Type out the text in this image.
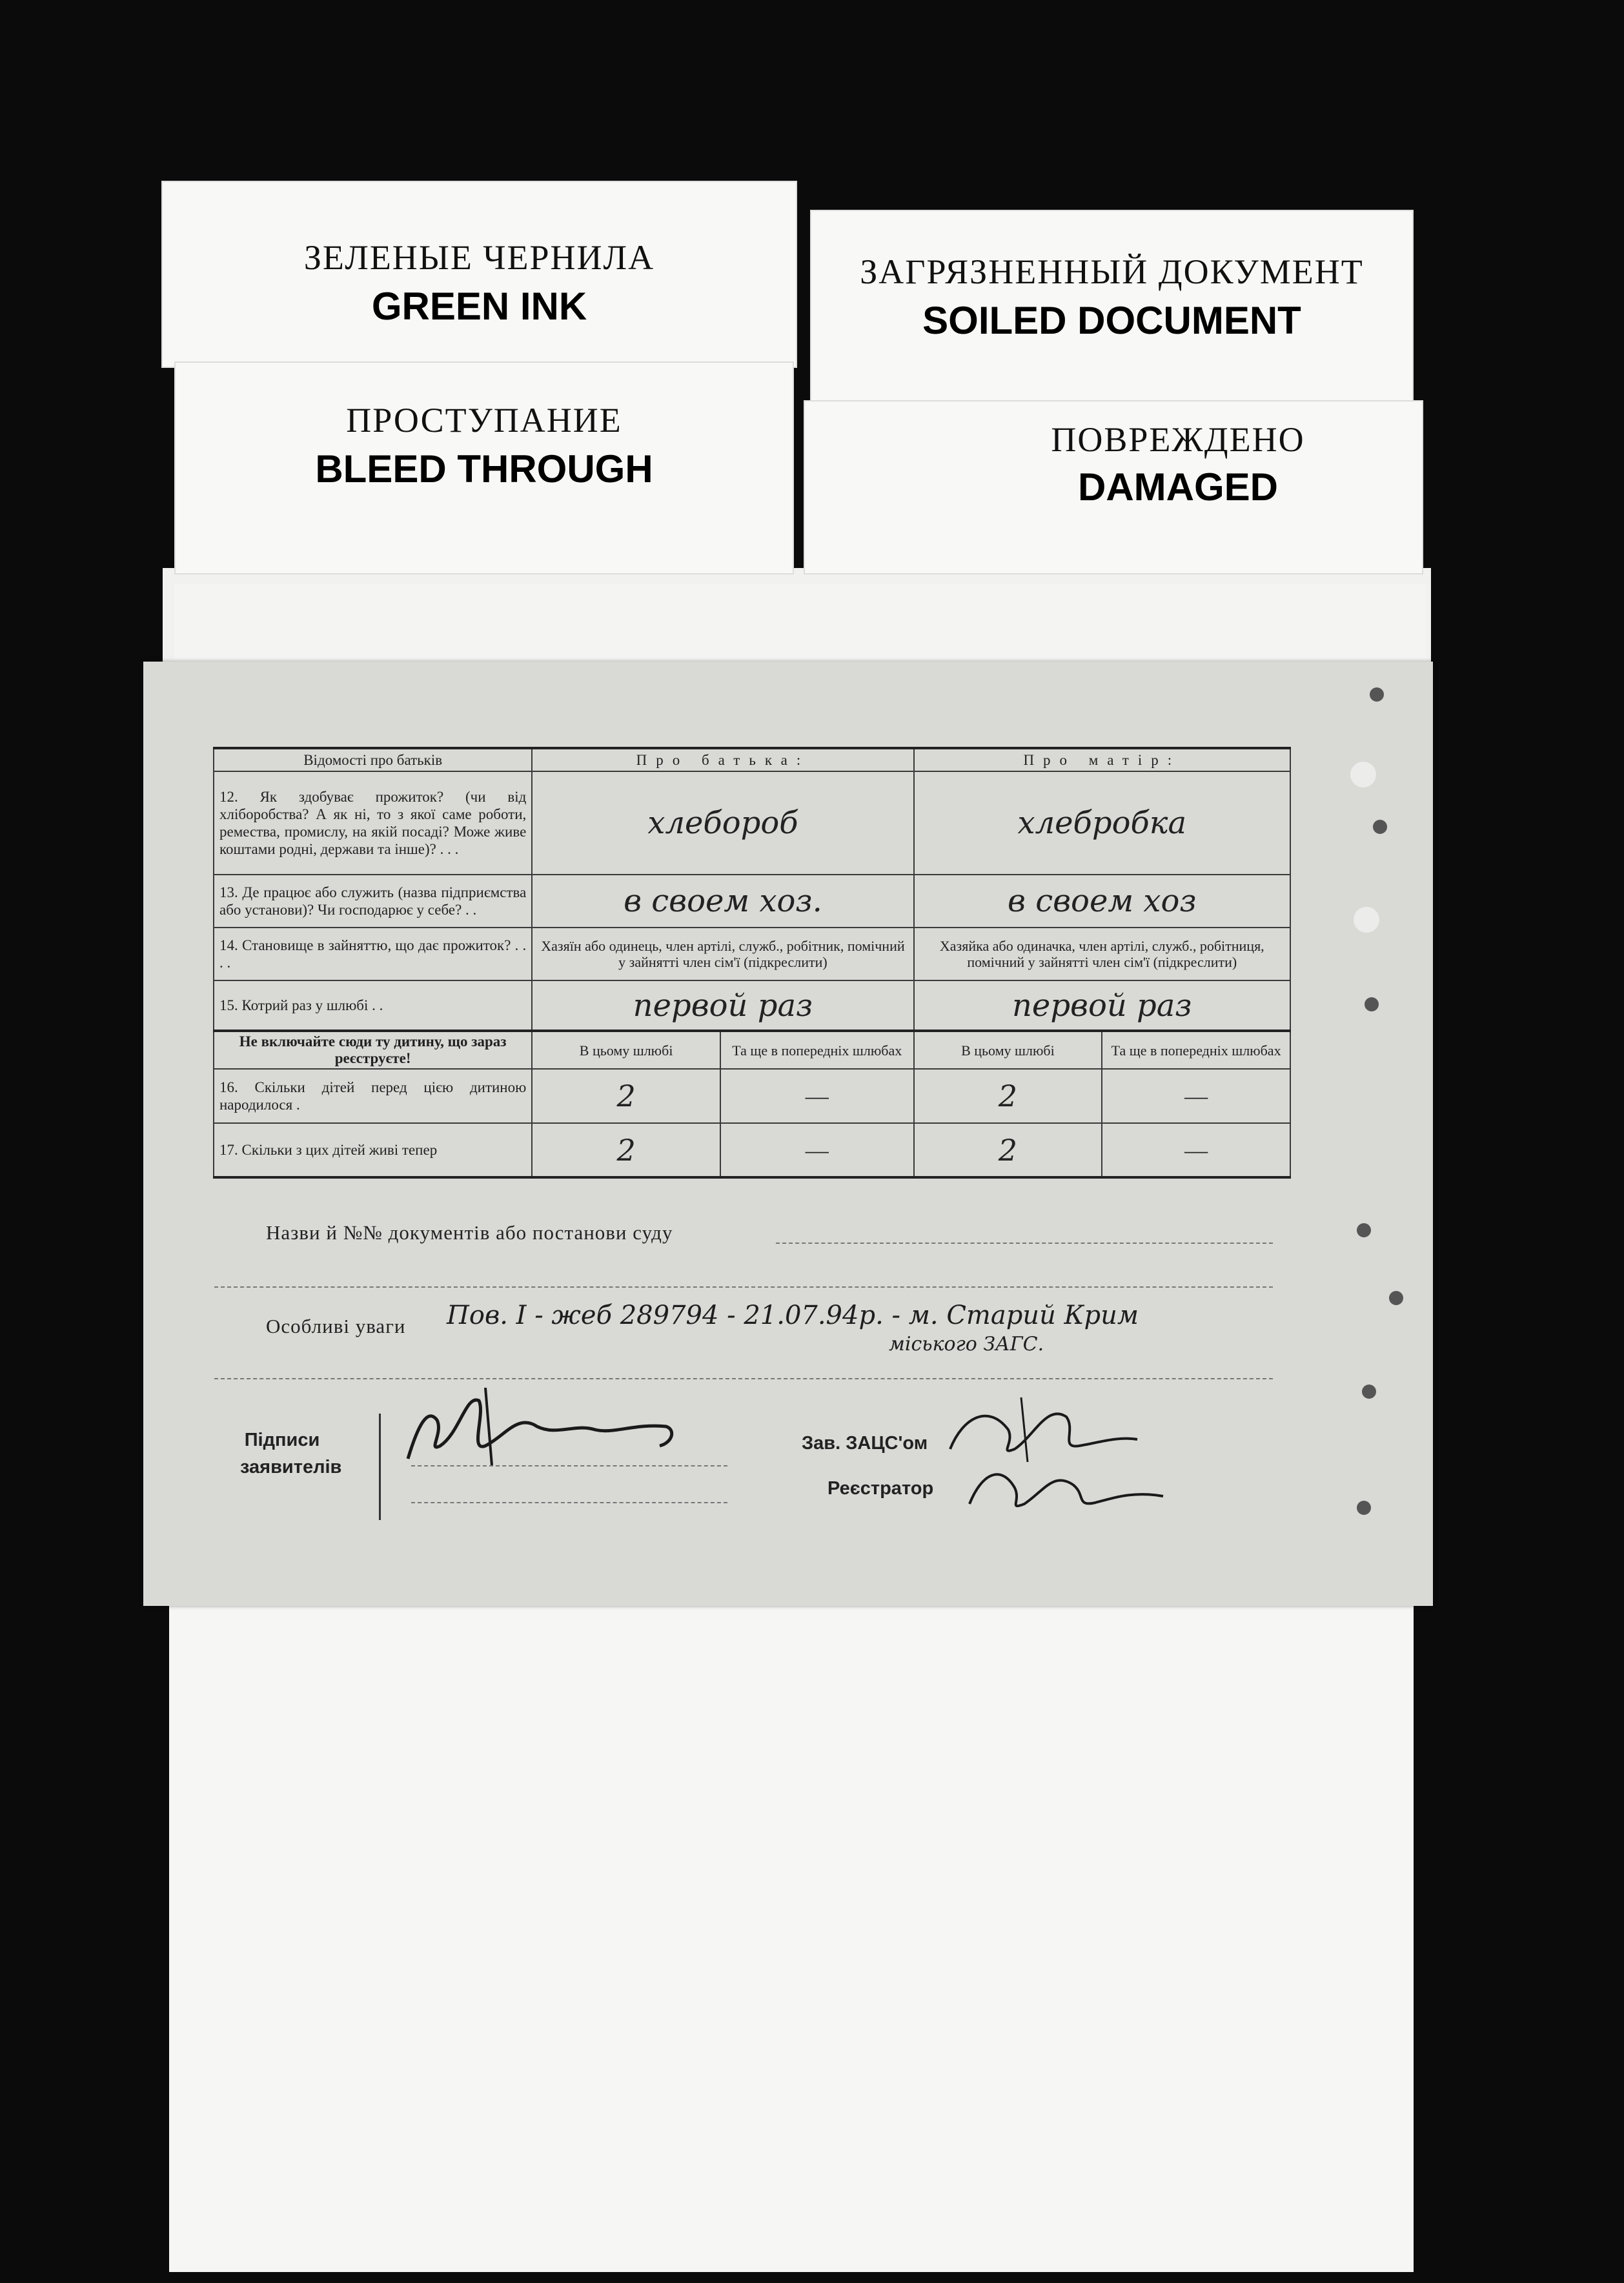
ЗЕЛЕНЫЕ ЧЕРНИЛА
GREEN INK
ЗАГРЯЗНЕННЫЙ ДОКУМЕНТ
SOILED DOCUMENT
ПРОСТУПАНИЕ
BLEED THROUGH
ПОВРЕЖДЕНО
DAMAGED
Відомості про батьків	Про батька:		Про матір:	
12. Як здобуває прожиток? (чи від хліборобства? А як ні, то з якої саме роботи, ремества, промислу, на якій посаді? Може живе коштами родні, держави та інше)? . . .	хлебороб		хлебробка	
13. Де працює або служить (назва підприємства або установи)? Чи господарює у себе? . .	в своем хоз.		в своем хоз	
14. Становище в зайняттю, що дає прожиток? . . . .	Хазяїн або одинець, член артілі, служб., робітник, помічний у зайнятті член сім'ї (підкреслити)		Хазяйка або одиначка, член артілі, служб., робітниця, помічний у зайнятті член сім'ї (підкреслити)	
15. Котрий раз у шлюбі . .	первой раз		первой раз	
Не включайте сюди ту дитину, що зараз реєструєте!	В цьому шлюбі	Та ще в попередніх шлюбах	В цьому шлюбі	Та ще в попередніх шлюбах
16. Скільки дітей перед цією дитиною народилося .	2	—	2	—
17. Скільки з цих дітей живі тепер	2	—	2	—
Назви й №№ документів або постанови суду
Особливі уваги Пов. I - жеб 289794 - 21.07.94р. - м. Старий Крим
міського ЗАГС.
Підписи заявителів
Зав. ЗАЦС'ом
Реєстратор
